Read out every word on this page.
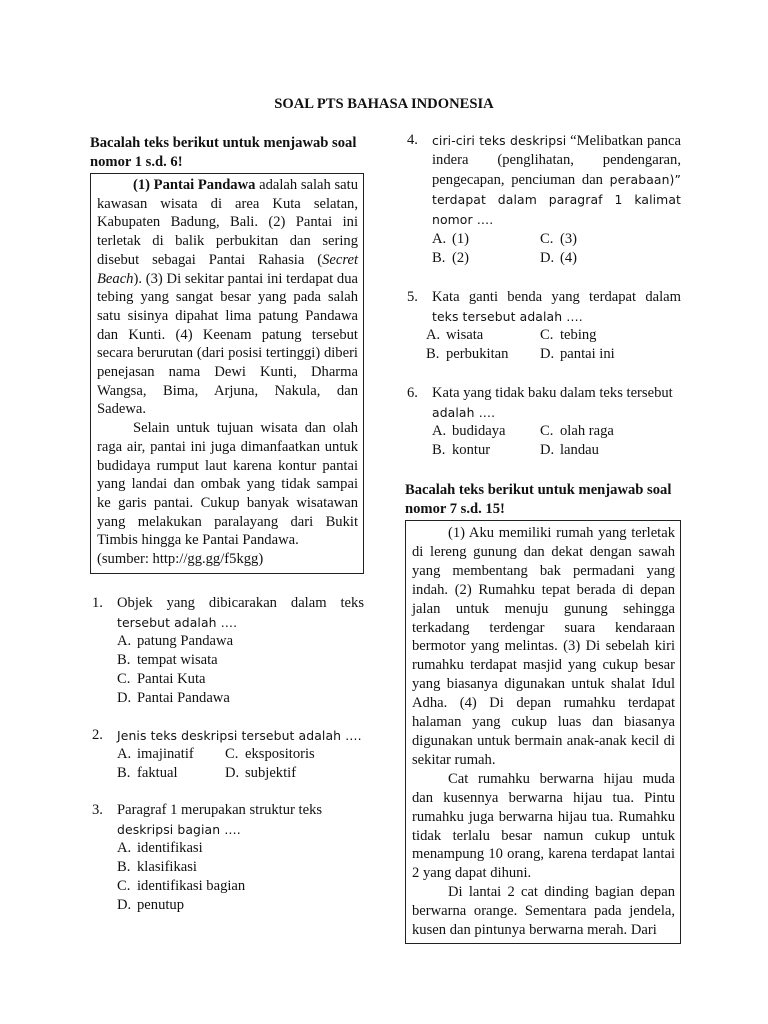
SOAL PTS BAHASA INDONESIA
Bacalah teks berikut untuk menjawab soal nomor 1 s.d. 6!

(1) Pantai Pandawa adalah salah satu kawasan wisata di area Kuta selatan, Kabupaten Badung, Bali. (2) Pantai ini terletak di balik perbukitan dan sering disebut sebagai Pantai Rahasia (Secret Beach). (3) Di sekitar pantai ini terdapat dua tebing yang sangat besar yang pada salah satu sisinya dipahat lima patung Pandawa dan Kunti. (4) Keenam patung tersebut secara berurutan (dari posisi tertinggi) diberi penejasan nama Dewi Kunti, Dharma Wangsa, Bima, Arjuna, Nakula, dan Sadewa.

Selain untuk tujuan wisata dan olah raga air, pantai ini juga dimanfaatkan untuk budidaya rumput laut karena kontur pantai yang landai dan ombak yang tidak sampai ke garis pantai. Cukup banyak wisatawan yang melakukan paralayang dari Bukit Timbis hingga ke Pantai Pandawa.

(sumber: http://gg.gg/f5kgg)
1. Objek yang dibicarakan dalam teks
tersebut adalah ….
A. patung Pandawa
B. tempat wisata
C. Pantai Kuta
D. Pantai Pandawa
2. Jenis teks deskripsi tersebut adalah ….
A. imajinatif	C. ekspositoris
B. faktual	D. subjektif
3. Paragraf 1 merupakan struktur teks
deskripsi bagian ….
A. identifikasi
B. klasifikasi
C. identifikasi bagian
D. penutup
4. ciri-ciri teks deskripsi “Melibatkan panca indera (penglihatan, pendengaran, pengecapan, penciuman dan perabaan)” terdapat dalam paragraf 1 kalimat nomor ….
A. (1)	C. (3)
B. (2)	D. (4)
5. Kata ganti benda yang terdapat dalam
teks tersebut adalah ….
A. wisata	C. tebing
B. perbukitan	D. pantai ini
6. Kata yang tidak baku dalam teks tersebut
adalah ….
A. budidaya	C. olah raga
B. kontur	D. landau
Bacalah teks berikut untuk menjawab soal nomor 7 s.d. 15!

(1) Aku memiliki rumah yang terletak di lereng gunung dan dekat dengan sawah yang membentang bak permadani yang indah. (2) Rumahku tepat berada di depan jalan untuk menuju gunung sehingga terkadang terdengar suara kendaraan bermotor yang melintas. (3) Di sebelah kiri rumahku terdapat masjid yang cukup besar yang biasanya digunakan untuk shalat Idul Adha. (4) Di depan rumahku terdapat halaman yang cukup luas dan biasanya digunakan untuk bermain anak-anak kecil di sekitar rumah.

Cat rumahku berwarna hijau muda dan kusennya berwarna hijau tua. Pintu rumahku juga berwarna hijau tua. Rumahku tidak terlalu besar namun cukup untuk menampung 10 orang, karena terdapat lantai 2 yang dapat dihuni.

Di lantai 2 cat dinding bagian depan berwarna orange. Sementara pada jendela, kusen dan pintunya berwarna merah. Dari
